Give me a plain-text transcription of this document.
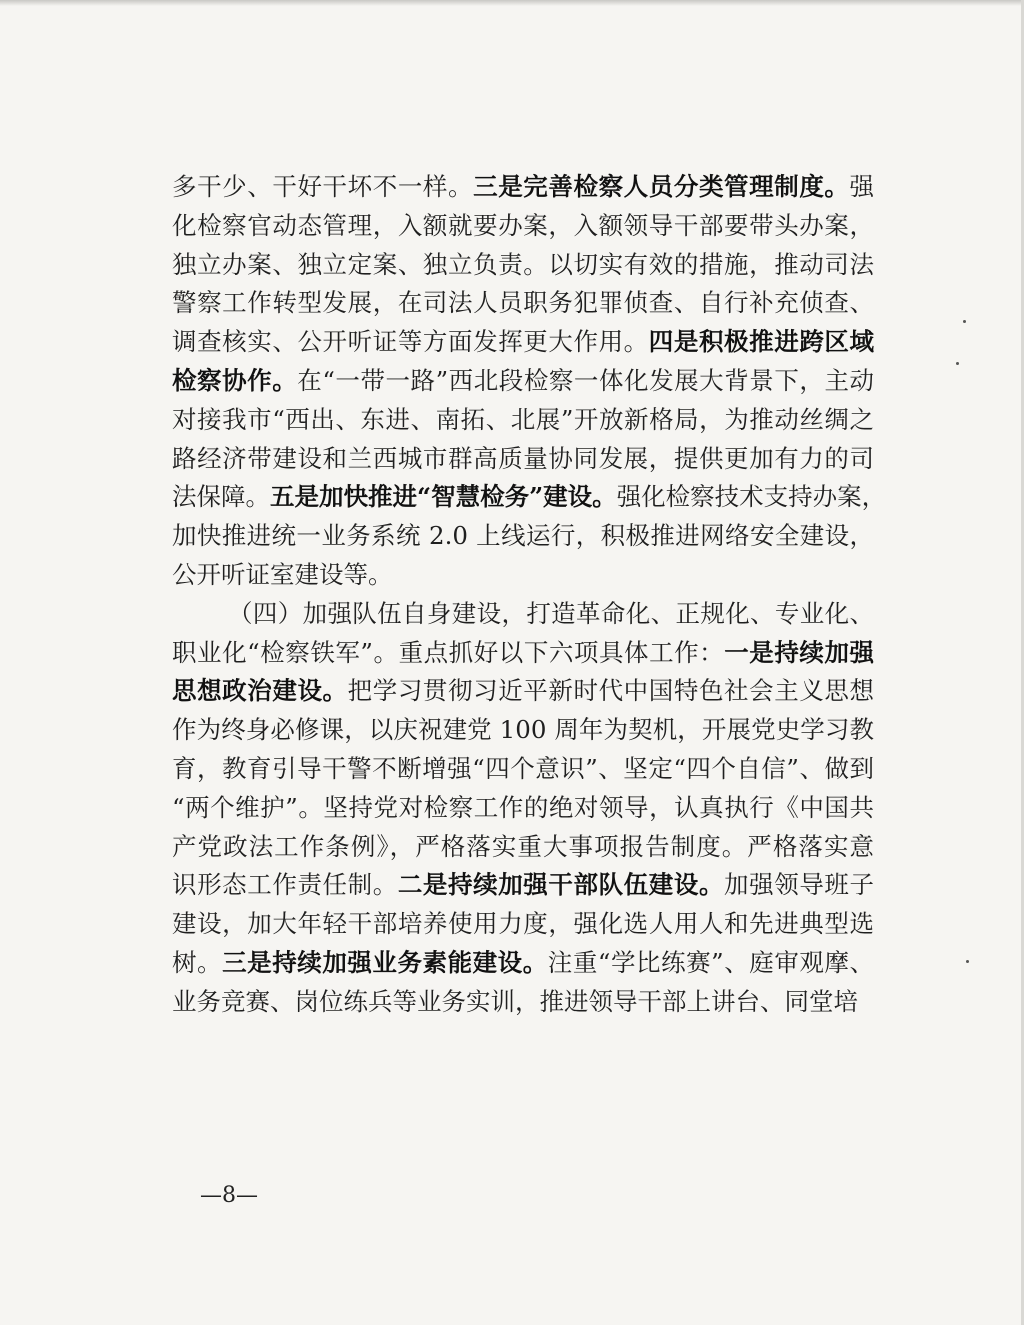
多干少、干好干坏不一样。三是完善检察人员分类管理制度。强
化检察官动态管理，入额就要办案，入额领导干部要带头办案，
独立办案、独立定案、独立负责。以切实有效的措施，推动司法
警察工作转型发展，在司法人员职务犯罪侦查、自行补充侦查、
调查核实、公开听证等方面发挥更大作用。四是积极推进跨区域
检察协作。在“一带一路”西北段检察一体化发展大背景下，主动
对接我市“西出、东进、南拓、北展”开放新格局，为推动丝绸之
路经济带建设和兰西城市群高质量协同发展，提供更加有力的司
法保障。五是加快推进“智慧检务”建设。强化检察技术支持办案，
加快推进统一业务系统 2.0 上线运行，积极推进网络安全建设，
公开听证室建设等。
（四）加强队伍自身建设，打造革命化、正规化、专业化、
职业化“检察铁军”。重点抓好以下六项具体工作：一是持续加强
思想政治建设。把学习贯彻习近平新时代中国特色社会主义思想
作为终身必修课，以庆祝建党 100 周年为契机，开展党史学习教
育，教育引导干警不断增强“四个意识”、坚定“四个自信”、做到
“两个维护”。坚持党对检察工作的绝对领导，认真执行《中国共
产党政法工作条例》，严格落实重大事项报告制度。严格落实意
识形态工作责任制。二是持续加强干部队伍建设。加强领导班子
建设，加大年轻干部培养使用力度，强化选人用人和先进典型选
树。三是持续加强业务素能建设。注重“学比练赛”、庭审观摩、
业务竞赛、岗位练兵等业务实训，推进领导干部上讲台、同堂培
—8—
